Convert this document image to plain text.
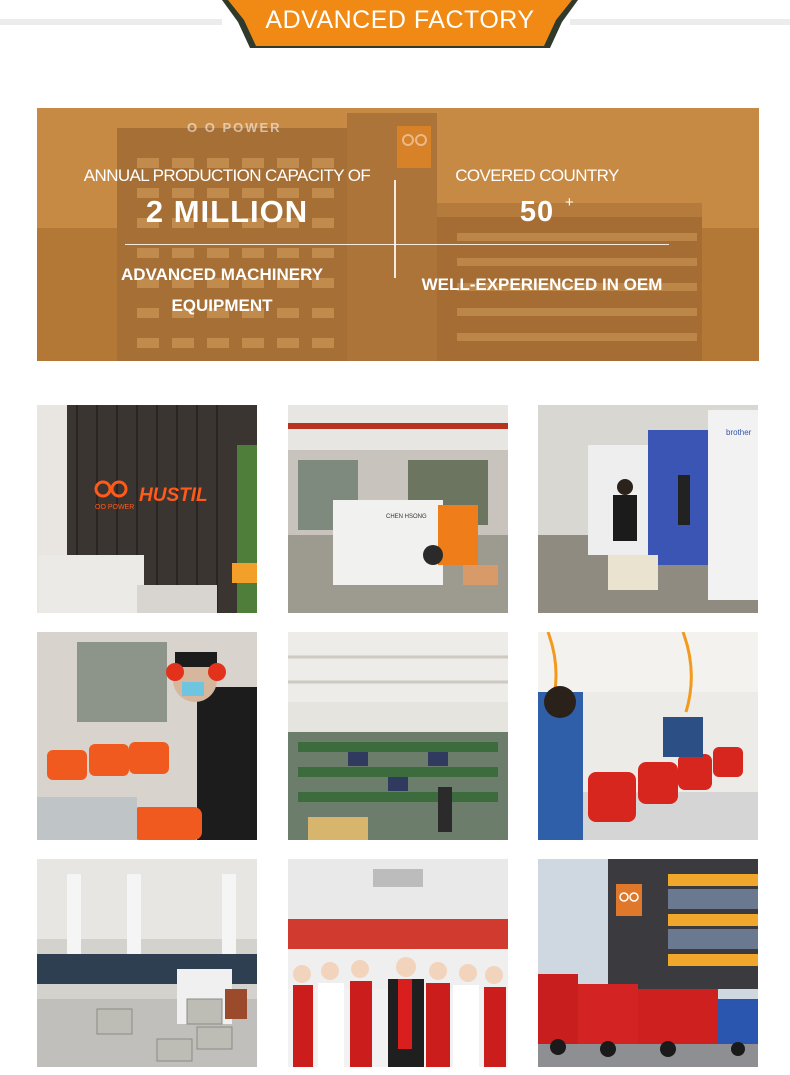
ADVANCED FACTORY
O O POWER
ANNUAL PRODUCTION CAPACITY OF
2 MILLION
COVERED COUNTRY
50 +
ADVANCED MACHINERY
EQUIPMENT
WELL-EXPERIENCED IN OEM
OO POWER
HUSTIL
CHEN HSONG
brother
